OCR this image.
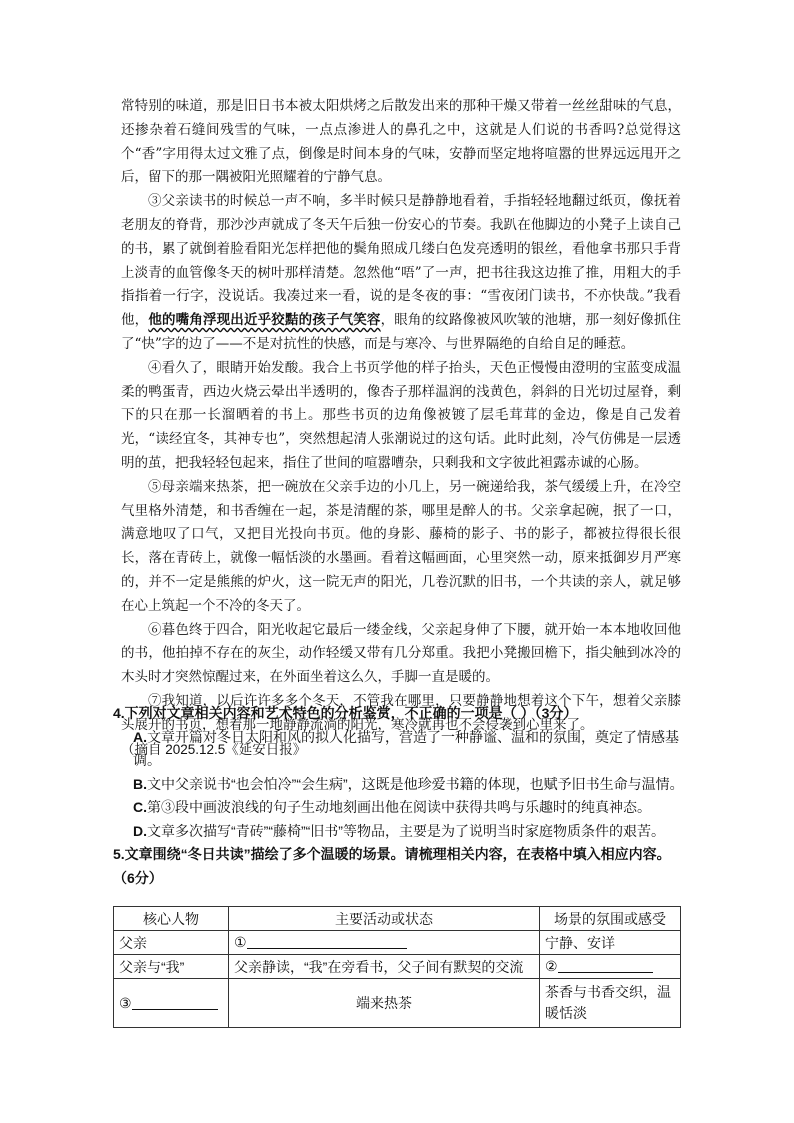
常特别的味道，那是旧日书本被太阳烘烤之后散发出来的那种干燥又带着一丝丝甜味的气息，还掺杂着石缝间残雪的气味，一点点渗进人的鼻孔之中，这就是人们说的书香吗?总觉得这个“香”字用得太过文雅了点，倒像是时间本身的气味，安静而坚定地将喧嚣的世界远远甩开之后，留下的那一隅被阳光照耀着的宁静气息。

③父亲读书的时候总一声不响，多半时候只是静静地看着，手指轻轻地翻过纸页，像抚着老朋友的脊背，那沙沙声就成了冬天午后独一份安心的节奏。我趴在他脚边的小凳子上读自己的书，累了就倒着脸看阳光怎样把他的鬓角照成几缕白色发亮透明的银丝，看他拿书那只手背上淡青的血管像冬天的树叶那样清楚。忽然他“唔”了一声，把书往我这边推了推，用粗大的手指指着一行字，没说话。我凑过来一看，说的是冬夜的事：“雪夜闭门读书，不亦快哉。”我看他，他的嘴角浮现出近乎狡黠的孩子气笑容，眼角的纹路像被风吹皱的池塘，那一刻好像抓住了“快”字的边了——不是对抗性的快感，而是与寒冷、与世界隔绝的自给自足的睡惹。

④看久了，眼睛开始发酸。我合上书页学他的样子抬头，天色正慢慢由澄明的宝蓝变成温柔的鸭蛋青，西边火烧云晕出半透明的，像杏子那样温润的浅黄色，斜斜的日光切过屋脊，剩下的只在那一长溜晒着的书上。那些书页的边角像被镀了层毛茸茸的金边，像是自己发着光，“读经宜冬，其神专也”，突然想起清人张潮说过的这句话。此时此刻，冷气仿佛是一层透明的茧，把我轻轻包起来，指住了世间的喧嚣嘈杂，只剩我和文字彼此袒露赤诚的心肠。

⑤母亲端来热茶，把一碗放在父亲手边的小几上，另一碗递给我，茶气缓缓上升，在冷空气里格外清楚，和书香缠在一起，茶是清醒的茶，哪里是醉人的书。父亲拿起碗，抿了一口，满意地叹了口气，又把目光投向书页。他的身影、藤椅的影子、书的影子，都被拉得很长很长，落在青砖上，就像一幅恬淡的水墨画。看着这幅画面，心里突然一动，原来抵御岁月严寒的，并不一定是熊熊的炉火，这一院无声的阳光，几卷沉默的旧书，一个共读的亲人，就足够在心上筑起一个不冷的冬天了。

⑥暮色终于四合，阳光收起它最后一缕金线，父亲起身伸了下腰，就开始一本本地收回他的书，他拍掉不存在的灰尘，动作轻缓又带有几分郑重。我把小凳搬回檐下，指尖触到冰冷的木头时才突然惊醒过来，在外面坐着这么久，手脚一直是暖的。

⑦我知道，以后许许多多个冬天，不管我在哪里，只要静静地想着这个下午，想着父亲膝头展开的书页，想着那一地静静流淌的阳光，寒冷就再也不会侵袭到心里来了。

（摘自 2025.12.5《延安日报》

4.下列对文章相关内容和艺术特色的分析鉴赏，不正确的一项是（ ）（3分）

A.文章开篇对冬日太阳和风的拟人化描写，营造了一种静谧、温和的氛围，奠定了情感基调。

B.文中父亲说书“也会怕冷”“会生病”，这既是他珍爱书籍的体现，也赋予旧书生命与温情。

C.第③段中画波浪线的句子生动地刻画出他在阅读中获得共鸣与乐趣时的纯真神态。

D.文章多次描写“青砖”“藤椅”“旧书”等物品，主要是为了说明当时家庭物质条件的艰苦。

5.文章围绕“冬日共读”描绘了多个温暖的场景。请梳理相关内容，在表格中填入相应内容。（6分）

核心人物	主要活动或状态	场景的氛围或感受
父亲	①	宁静、安详
父亲与“我”	父亲静读，“我”在旁看书，父子间有默契的交流	②
③	端来热茶	茶香与书香交织，温暖恬淡
